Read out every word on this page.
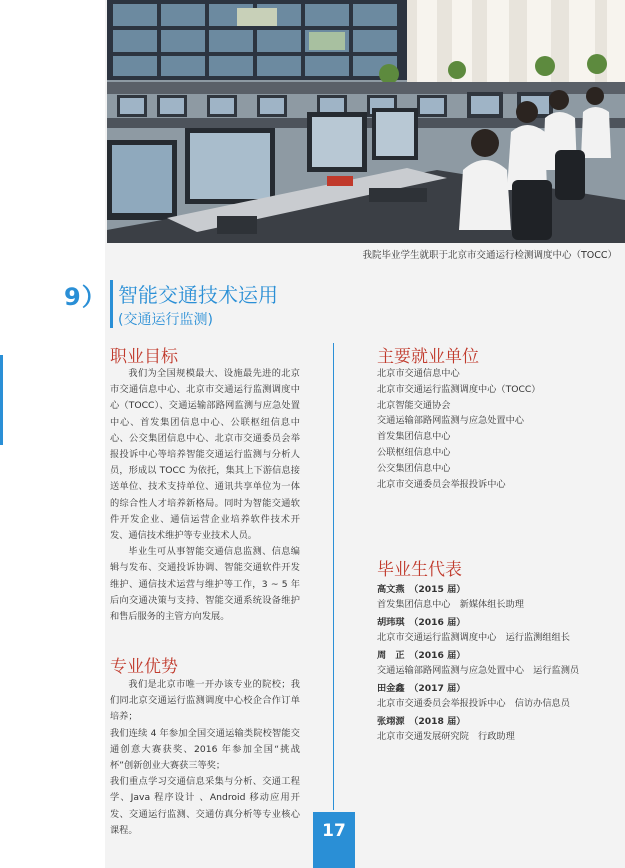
我院毕业学生就职于北京市交通运行检测调度中心（TOCC）
9） 智能交通技术运用
(交通运行监测)
职业目标

我们为全国规模最大、设施最先进的北京市交通信息中心、北京市交通运行监测调度中心（TOCC）、交通运输部路网监测与应急处置中心、首发集团信息中心、公联枢纽信息中心、公交集团信息中心、北京市交通委员会举报投诉中心等培养智能交通运行监测与分析人员，形成以 TOCC 为依托，集其上下游信息接送单位、技术支持单位、通讯共享单位为一体的综合性人才培养新格局。同时为智能交通软件开发企业、通信运营企业培养软件技术开发、通信技术维护等专业技术人员。

毕业生可从事智能交通信息监测、信息编辑与发布、交通投诉协调、智能交通软件开发维护、通信技术运营与维护等工作，3 ~ 5 年后向交通决策与支持、智能交通系统设备维护和售后服务的主管方向发展。

专业优势

我们是北京市唯一开办该专业的院校；我们同北京交通运行监测调度中心校企合作订单培养；

我们连续 4 年参加全国交通运输类院校智能交通创意大赛获奖、2016 年参加全国“挑战杯”创新创业大赛获三等奖；

我们重点学习交通信息采集与分析、交通工程学、Java 程序设计 、Android 移动应用开发、交通运行监测、交通仿真分析等专业核心课程。

主要就业单位
北京市交通信息中心
北京市交通运行监测调度中心（TOCC）
北京智能交通协会
交通运输部路网监测与应急处置中心
首发集团信息中心
公联枢纽信息中心
公交集团信息中心
北京市交通委员会举报投诉中心
毕业生代表
高文燕　（2015 届）
首发集团信息中心　新媒体组长助理
胡玮琪　（2016 届）
北京市交通运行监测调度中心　运行监测组组长
周　正　（2016 届）
交通运输部路网监测与应急处置中心　运行监测员
田金鑫　（2017 届）
北京市交通委员会举报投诉中心　信访办信息员
张翊源　（2018 届）
北京市交通发展研究院　行政助理
17
